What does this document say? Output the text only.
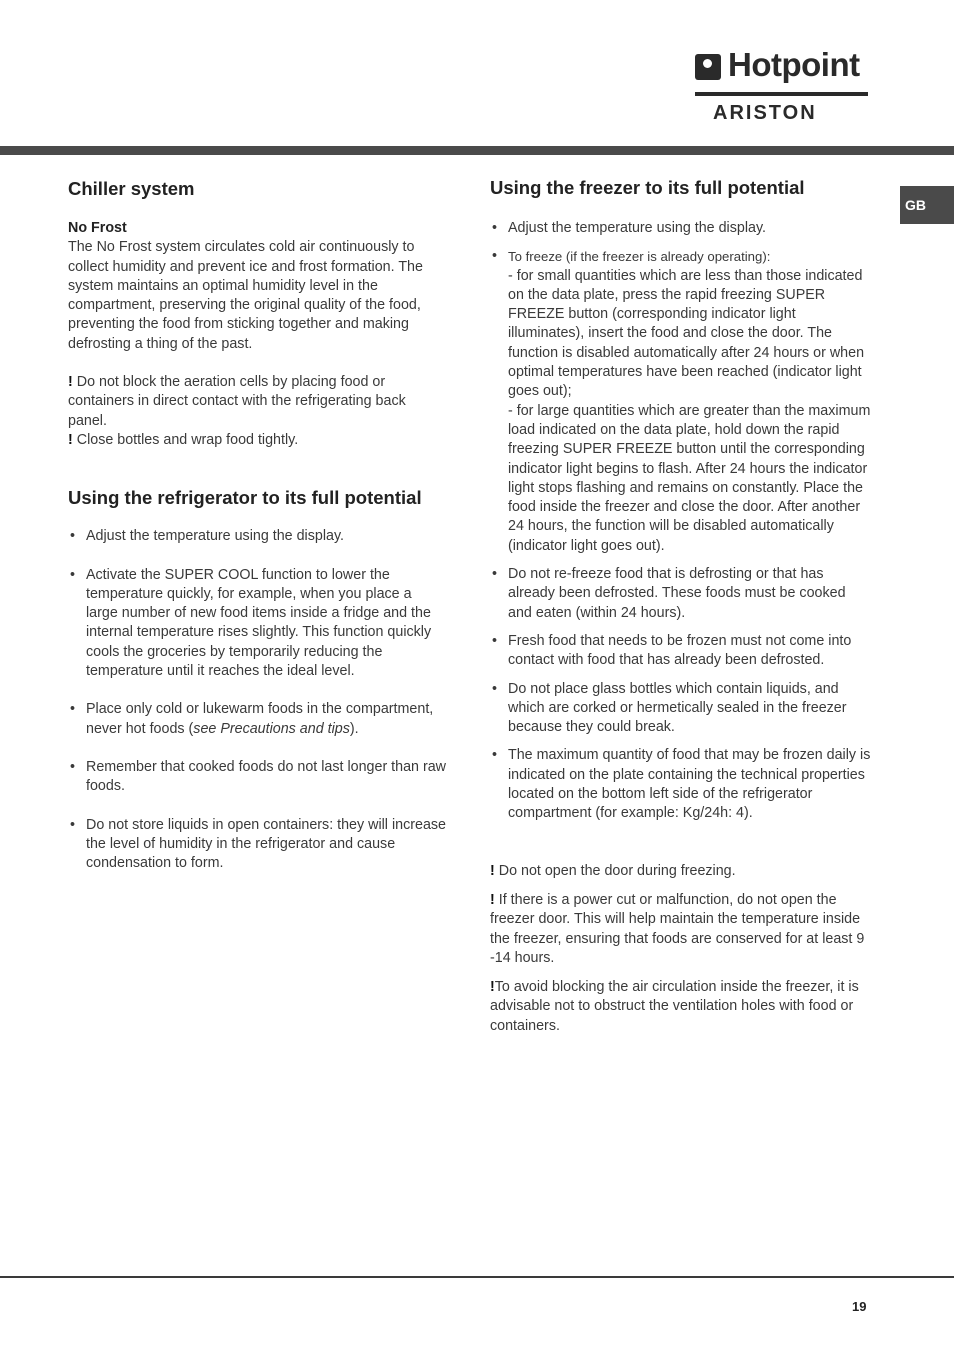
Hotpoint
ARISTON
GB
Chiller system
No Frost

The No Frost system circulates cold air continuously to collect humidity and prevent ice and frost formation. The system maintains an optimal humidity level in the compartment, preserving the original quality of the food, preventing the food from sticking together and making defrosting a thing of the past.

! Do not block the aeration cells by placing food or containers in direct contact with the refrigerating back panel.

! Close bottles and wrap food tightly.

Using the refrigerator to its full potential
• Adjust the temperature using the display.
• Activate the SUPER COOL function to lower the temperature quickly, for example, when you place a large number of new food items inside a fridge and the internal temperature rises slightly. This function quickly cools the groceries by temporarily reducing the temperature until it reaches the ideal level.
• Place only cold or lukewarm foods in the compartment, never hot foods (see Precautions and tips).
• Remember that cooked foods do not last longer than raw foods.
• Do not store liquids in open containers: they will increase the level of humidity in the refrigerator and cause condensation to form.
Using the freezer to its full potential
• Adjust the temperature using the display.
• To freeze (if the freezer is already operating):
- for small quantities which are less than those indicated on the data plate, press the rapid freezing SUPER FREEZE button (corresponding indicator light illuminates), insert the food and close the door. The function is disabled automatically after 24 hours or when optimal temperatures have been reached (indicator light goes out);
- for large quantities which are greater than the maximum load indicated on the data plate, hold down the rapid freezing SUPER FREEZE button until the corresponding indicator light begins to flash. After 24 hours the indicator light stops flashing and remains on constantly. Place the food inside the freezer and close the door. After another 24 hours, the function will be disabled automatically (indicator light goes out).
• Do not re-freeze food that is defrosting or that has already been defrosted. These foods must be cooked and eaten (within 24 hours).
• Fresh food that needs to be frozen must not come into contact with food that has already been defrosted.
• Do not place glass bottles which contain liquids, and which are corked or hermetically sealed in the freezer because they could break.
• The maximum quantity of food that may be frozen daily is indicated on the plate containing the technical properties located on the bottom left side of the refrigerator compartment (for example: Kg/24h: 4).

! Do not open the door during freezing.

! If there is a power cut or malfunction, do not open the freezer door. This will help maintain the temperature inside the freezer, ensuring that foods are conserved for at least 9 -14 hours.

!To avoid blocking the air circulation inside the freezer, it is advisable not to obstruct the ventilation holes with food or containers.

19
